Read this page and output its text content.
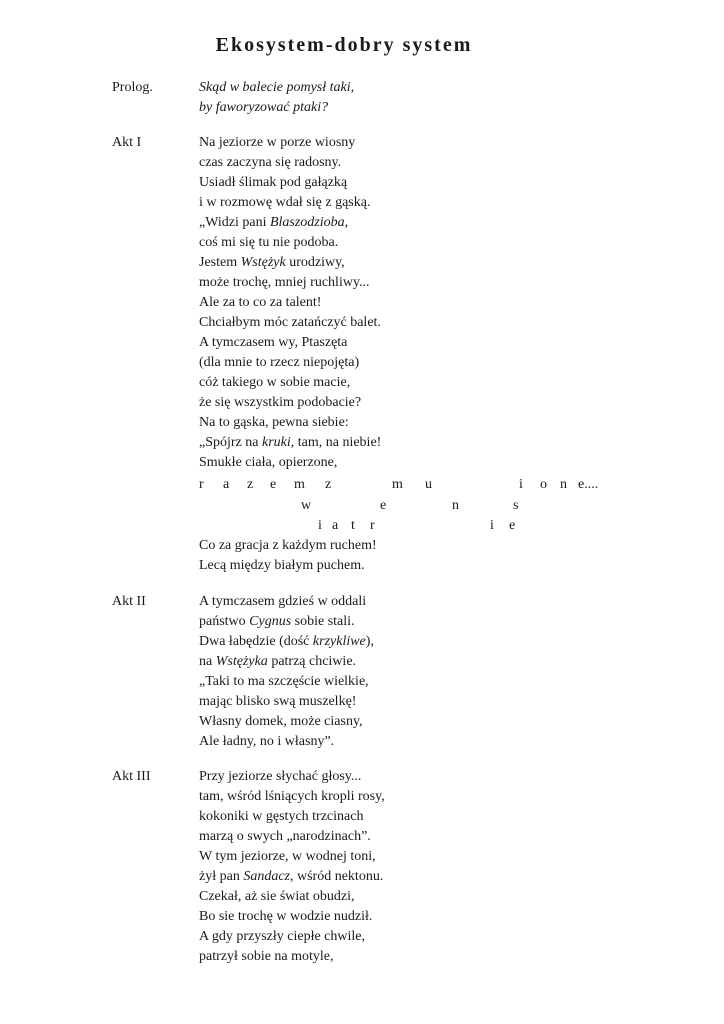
Ekosystem-dobry system
Prolog.	Skąd w balecie pomysł taki,
by faworyzować ptaki?
Akt I	Na jeziorze w porze wiosny
czas zaczyna się radosny.
Usiadł ślimak pod gałązką
i w rozmowę wdał się z gąską.
„Widzi pani Blaszodzioba,
coś mi się tu nie podoba.
Jestem Wstężyk urodziwy,
może trochę, mniej ruchliwy...
Ale za to co za talent!
Chciałbym móc zatańczyć balet.
A tymczasem wy, Ptaszęta
(dla mnie to rzecz niepojęta)
cóż takiego w sobie macie,
że się wszystkim podobacie?
Na to gąska, pewna siebie:
„Spójrz na kruki, tam, na niebie!
Smukłe ciała, opierzone,
r a z e m z	m u	i o n e....
w	e	n	s
i a t r	i e
Co za gracja z każdym ruchem!
Lecą między białym puchem.
Akt II	A tymczasem gdzieś w oddali
państwo Cygnus sobie stali.
Dwa łabędzie (dość krzykliwe),
na Wstężyka patrzą chciwie.
„Taki to ma szczęście wielkie,
mając blisko swą muszelkę!
Własny domek, może ciasny,
Ale ładny, no i własny”.
Akt III	Przy jeziorze słychać głosy...
tam, wśród lśniących kropli rosy,
kokoniki w gęstych trzcinach
marzą o swych „narodzinach”.
W tym jeziorze, w wodnej toni,
żył pan Sandacz, wśród nektonu.
Czekał, aż sie świat obudzi,
Bo sie trochę w wodzie nudził.
A gdy przyszły ciepłe chwile,
patrzył sobie na motyle,
